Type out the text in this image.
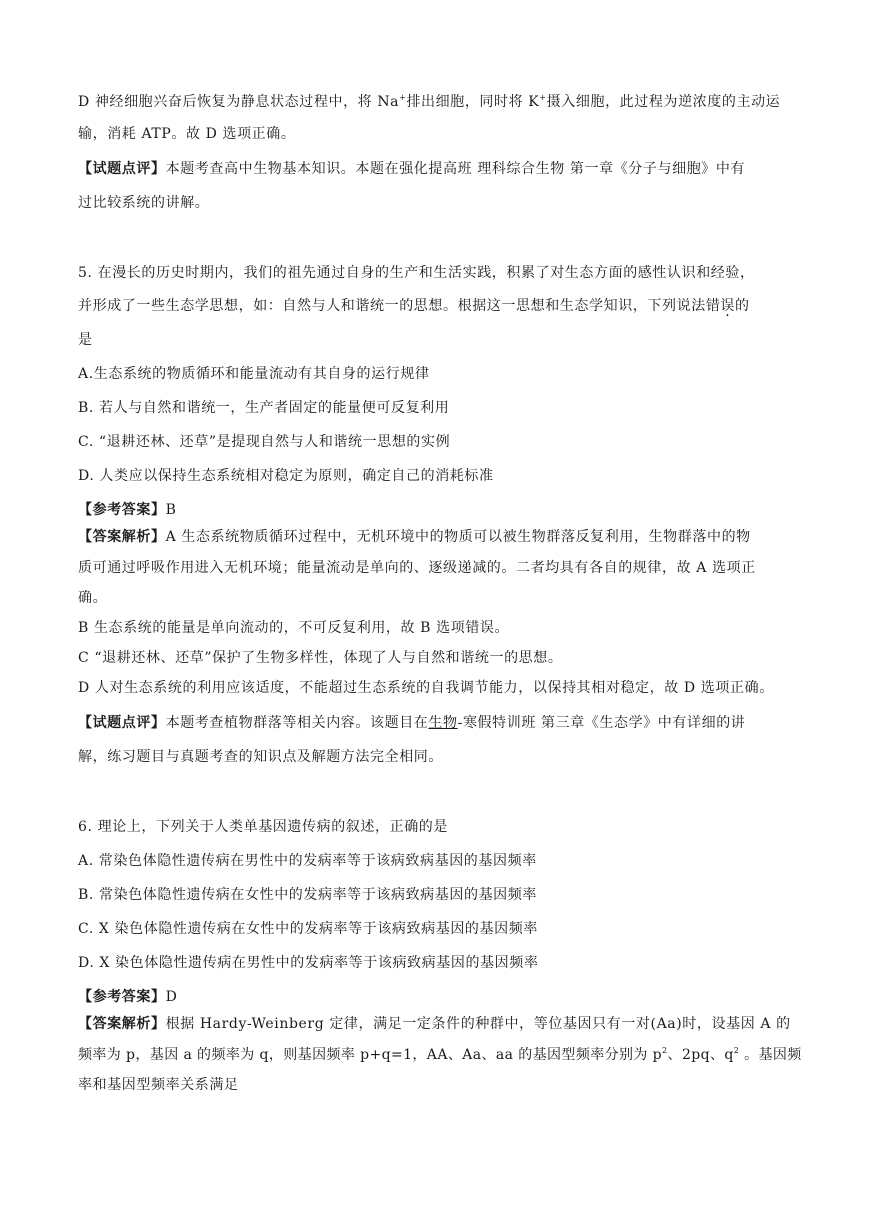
D 神经细胞兴奋后恢复为静息状态过程中，将 Na+排出细胞，同时将 K+摄入细胞，此过程为逆浓度的主动运
输，消耗 ATP。故 D 选项正确。
【试题点评】本题考查高中生物基本知识。本题在强化提高班 理科综合生物 第一章《分子与细胞》中有
过比较系统的讲解。
5. 在漫长的历史时期内，我们的祖先通过自身的生产和生活实践，积累了对生态方面的感性认识和经验，
并形成了一些生态学思想，如：自然与人和谐统一的思想。根据这一思想和生态学知识，下列说法错误的
是
A.生态系统的物质循环和能量流动有其自身的运行规律
B. 若人与自然和谐统一，生产者固定的能量便可反复利用
C. “退耕还林、还草”是提现自然与人和谐统一思想的实例
D. 人类应以保持生态系统相对稳定为原则，确定自己的消耗标准
【参考答案】B
【答案解析】A 生态系统物质循环过程中，无机环境中的物质可以被生物群落反复利用，生物群落中的物
质可通过呼吸作用进入无机环境；能量流动是单向的、逐级递减的。二者均具有各自的规律，故 A 选项正
确。
B 生态系统的能量是单向流动的，不可反复利用，故 B 选项错误。
C “退耕还林、还草”保护了生物多样性，体现了人与自然和谐统一的思想。
D 人对生态系统的利用应该适度，不能超过生态系统的自我调节能力，以保持其相对稳定，故 D 选项正确。
【试题点评】本题考查植物群落等相关内容。该题目在生物-寒假特训班 第三章《生态学》中有详细的讲
解，练习题目与真题考查的知识点及解题方法完全相同。
6. 理论上，下列关于人类单基因遗传病的叙述，正确的是
A. 常染色体隐性遗传病在男性中的发病率等于该病致病基因的基因频率
B. 常染色体隐性遗传病在女性中的发病率等于该病致病基因的基因频率
C. X 染色体隐性遗传病在女性中的发病率等于该病致病基因的基因频率
D. X 染色体隐性遗传病在男性中的发病率等于该病致病基因的基因频率
【参考答案】D
【答案解析】根据 Hardy-Weinberg 定律，满足一定条件的种群中，等位基因只有一对(Aa)时，设基因 A 的
频率为 p，基因 a 的频率为 q，则基因频率 p+q=1，AA、Aa、aa 的基因型频率分别为 $p^2$、2pq、$q^2$ 。基因频
率和基因型频率关系满足
